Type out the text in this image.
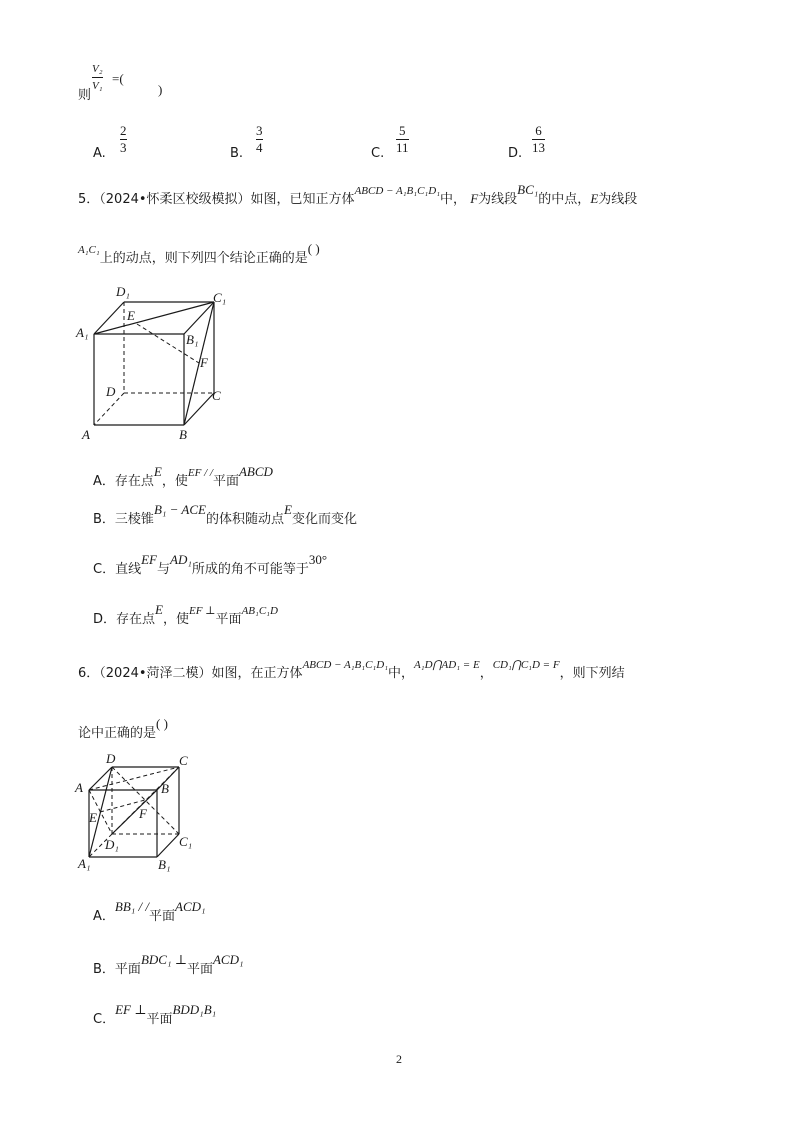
则
V₂
V₁ =(
)
A.
2
3	B.
3
4	C.
5
11	D.
6
13
5．（2024•怀柔区校级模拟）如图，已知正方体$^{ABCD - A_1B_1C_1D_1}$中， F为线段BC₁的中点，E为线段
$^{A_1C_1}$上的动点，则下列四个结论正确的是( )
D₁	C₁
A₁
E
B₁
F
D	C
A	B
A．存在点E，使$^{EF / /}$平面ABCD
B．三棱锥B₁ − ACE的体积随动点E变化而变化
C．直线EF与AD₁所成的角不可能等于30°
D．存在点E，使$^{EF \perp}$平面$^{AB_1C_1D}$
6．（2024•菏泽二模）如图，在正方体$^{ABCD - A_1B_1C_1D_1}$中，$^{A_1D⋂AD_1 = E}$，$^{CD_1⋂C_1D = F}$，则下列结
论中正确的是( )
D	C
A	B
E	F
C₁
D₁
A₁	B₁
A．BB₁ / /平面ACD₁
B．平面BDC₁ ⊥平面ACD₁
C．EF ⊥平面BDD₁B₁
2
